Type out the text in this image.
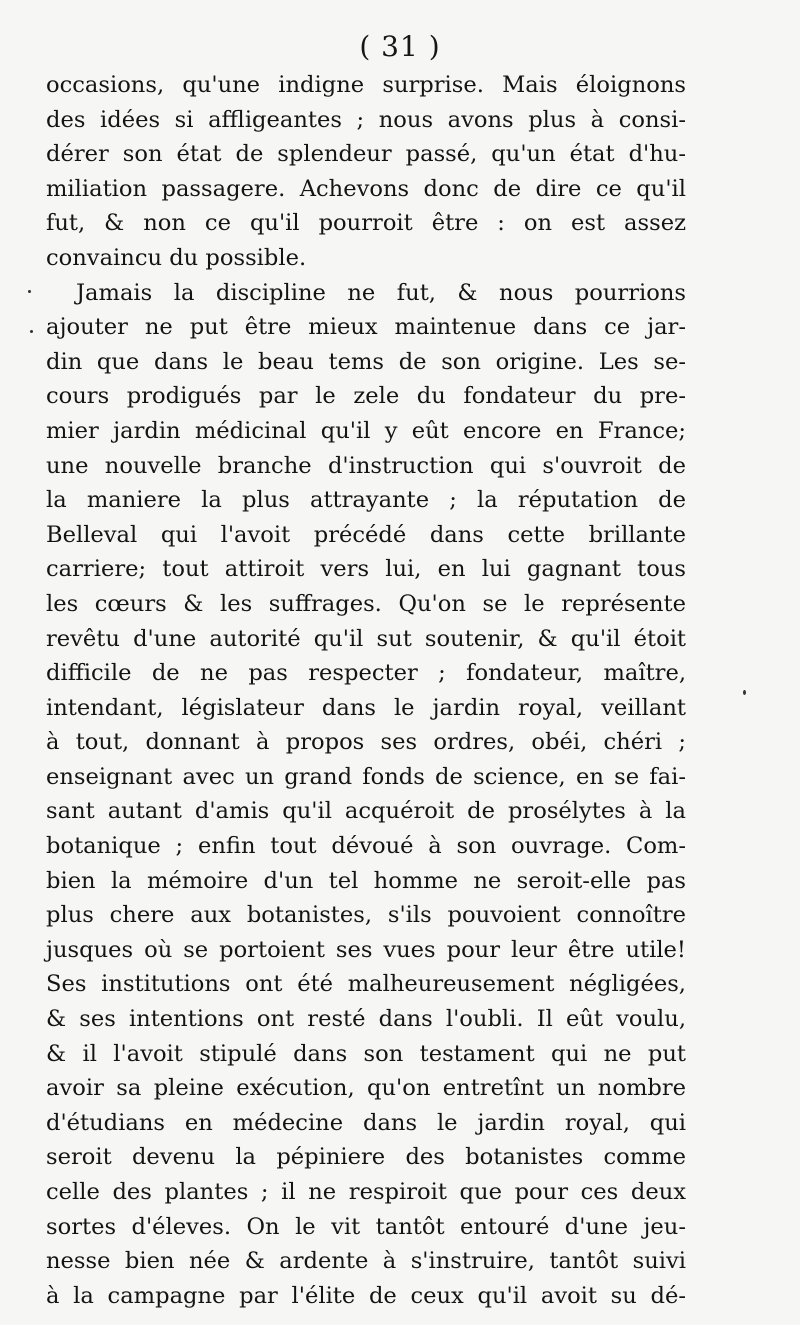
( 31 )
occasions, qu'une indigne surprise. Mais éloignons
des idées si affligeantes ; nous avons plus à consi-
dérer son état de splendeur passé, qu'un état d'hu-
miliation passagere. Achevons donc de dire ce qu'il
fut, & non ce qu'il pourroit être : on est assez
convaincu du possible.
Jamais la discipline ne fut, & nous pourrions
ajouter ne put être mieux maintenue dans ce jar-
din que dans le beau tems de son origine. Les se-
cours prodigués par le zele du fondateur du pre-
mier jardin médicinal qu'il y eût encore en France;
une nouvelle branche d'instruction qui s'ouvroit de
la maniere la plus attrayante ; la réputation de
Belleval qui l'avoit précédé dans cette brillante
carriere; tout attiroit vers lui, en lui gagnant tous
les cœurs & les suffrages. Qu'on se le représente
revêtu d'une autorité qu'il sut soutenir, & qu'il étoit
difficile de ne pas respecter ; fondateur, maître,
intendant, législateur dans le jardin royal, veillant
à tout, donnant à propos ses ordres, obéi, chéri ;
enseignant avec un grand fonds de science, en se fai-
sant autant d'amis qu'il acquéroit de prosélytes à la
botanique ; enfin tout dévoué à son ouvrage. Com-
bien la mémoire d'un tel homme ne seroit-elle pas
plus chere aux botanistes, s'ils pouvoient connoître
jusques où se portoient ses vues pour leur être utile!
Ses institutions ont été malheureusement négligées,
& ses intentions ont resté dans l'oubli. Il eût voulu,
& il l'avoit stipulé dans son testament qui ne put
avoir sa pleine exécution, qu'on entretînt un nombre
d'étudians en médecine dans le jardin royal, qui
seroit devenu la pépiniere des botanistes comme
celle des plantes ; il ne respiroit que pour ces deux
sortes d'éleves. On le vit tantôt entouré d'une jeu-
nesse bien née & ardente à s'instruire, tantôt suivi
à la campagne par l'élite de ceux qu'il avoit su dé-
